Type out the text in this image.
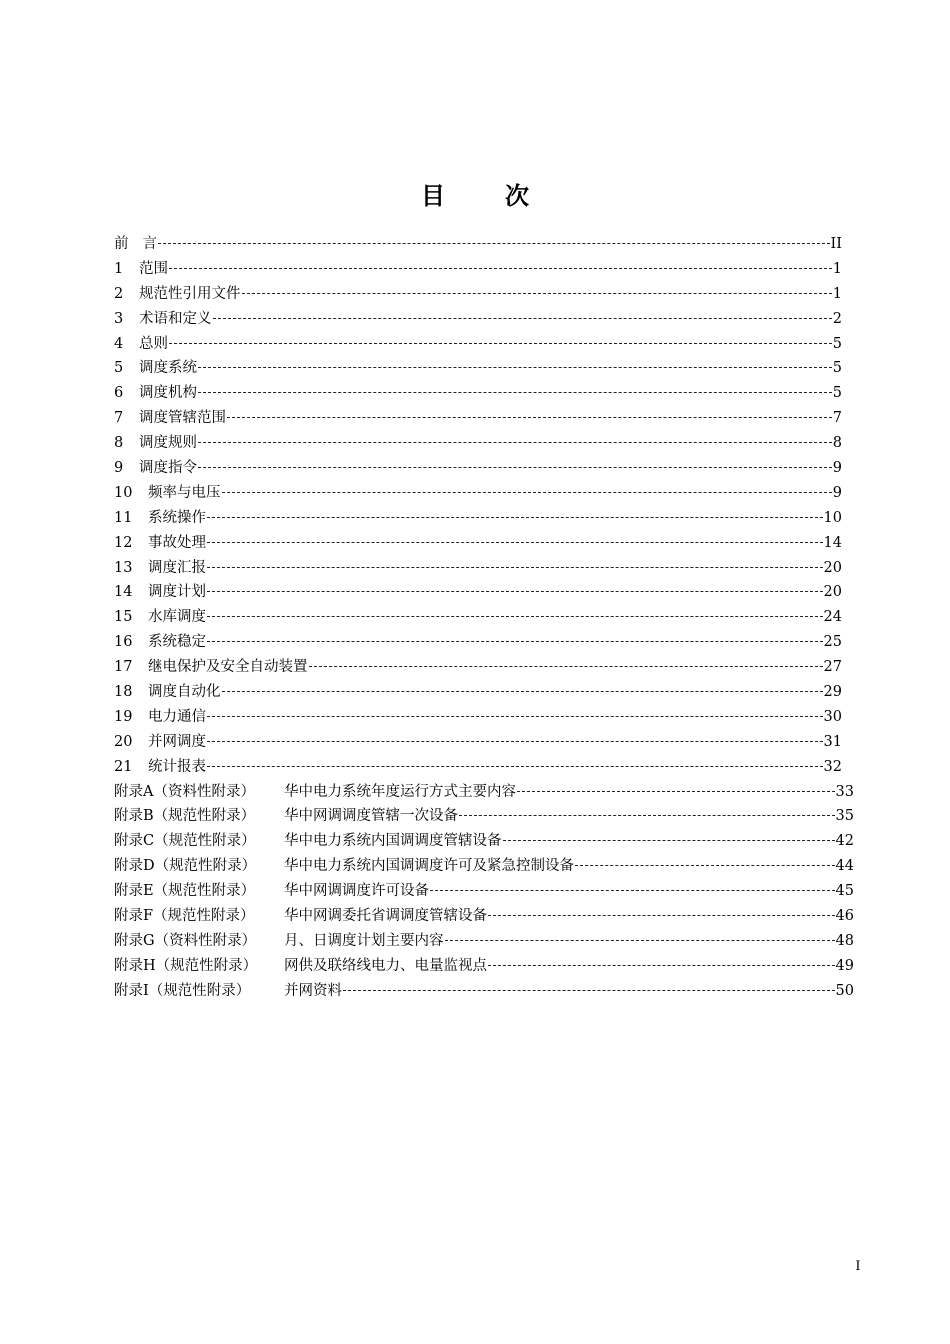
目次
前言	II
1	范围	1
2	规范性引用文件	1
3	术语和定义	2
4	总则	5
5	调度系统	5
6	调度机构	5
7	调度管辖范围	7
8	调度规则	8
9	调度指令	9
10	频率与电压	9
11	系统操作	10
12	事故处理	14
13	调度汇报	20
14	调度计划	20
15	水库调度	24
16	系统稳定	25
17	继电保护及安全自动装置	27
18	调度自动化	29
19	电力通信	30
20	并网调度	31
21	统计报表	32
附录A（资料性附录）	华中电力系统年度运行方式主要内容	33
附录B（规范性附录）	华中网调调度管辖一次设备	35
附录C（规范性附录）	华中电力系统内国调调度管辖设备	42
附录D（规范性附录）	华中电力系统内国调调度许可及紧急控制设备	44
附录E（规范性附录）	华中网调调度许可设备	45
附录F（规范性附录）	华中网调委托省调调度管辖设备	46
附录G（资料性附录）	月、日调度计划主要内容	48
附录H（规范性附录）	网供及联络线电力、电量监视点	49
附录I（规范性附录）	并网资料	50
I
